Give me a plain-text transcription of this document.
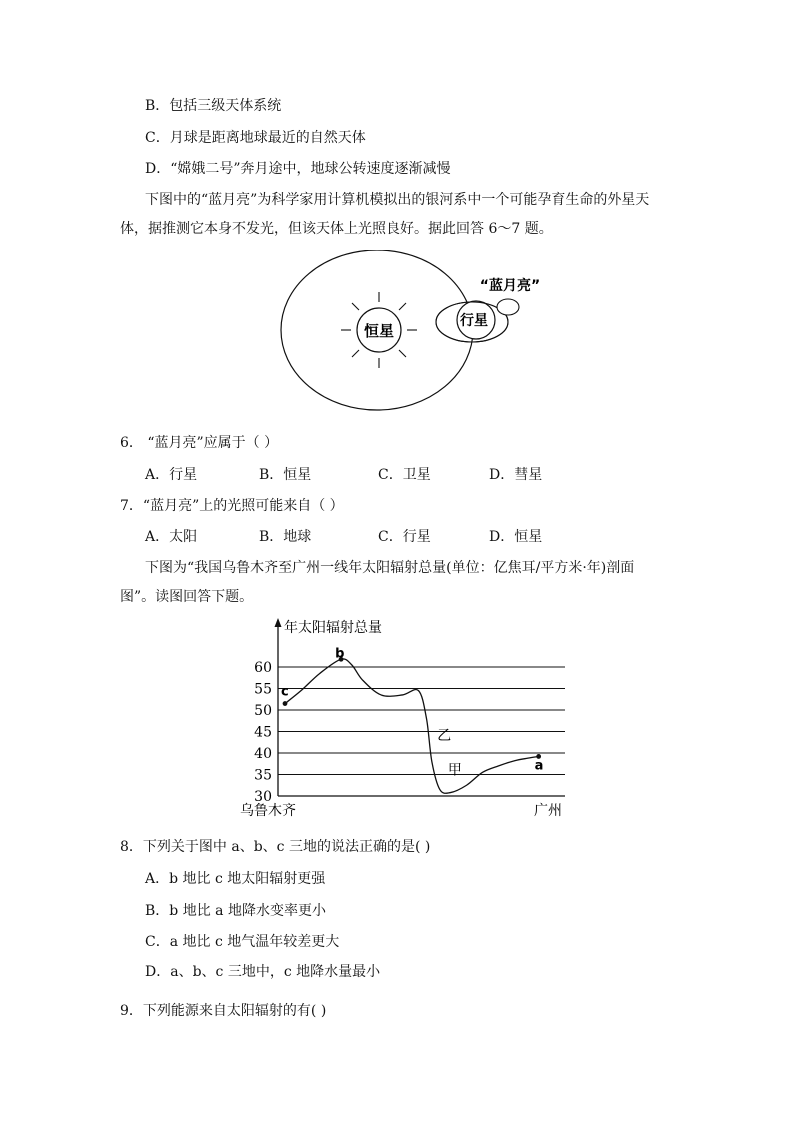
B．包括三级天体系统
C．月球是距离地球最近的自然天体
D．“嫦娥二号”奔月途中，地球公转速度逐渐减慢
下图中的“蓝月亮”为科学家用计算机模拟出的银河系中一个可能孕育生命的外星天
体，据推测它本身不发光，但该天体上光照良好。据此回答 6～7 题。
恒星
行星
“蓝月亮”
6． “蓝月亮”应属于（ ）
A．行星	B．恒星	C．卫星	D．彗星
7．“蓝月亮”上的光照可能来自（ ）
A．太阳	B．地球	C．行星	D．恒星
下图为“我国乌鲁木齐至广州一线年太阳辐射总量(单位：亿焦耳/平方米·年)剖面
图”。读图回答下题。
60
55
50
45
40
35
30
c
b
a
乙
甲
年太阳辐射总量
乌鲁木齐	广州
8．下列关于图中 a、b、c 三地的说法正确的是( )
A．b 地比 c 地太阳辐射更强
B．b 地比 a 地降水变率更小
C．a 地比 c 地气温年较差更大
D．a、b、c 三地中，c 地降水量最小
9．下列能源来自太阳辐射的有( )
